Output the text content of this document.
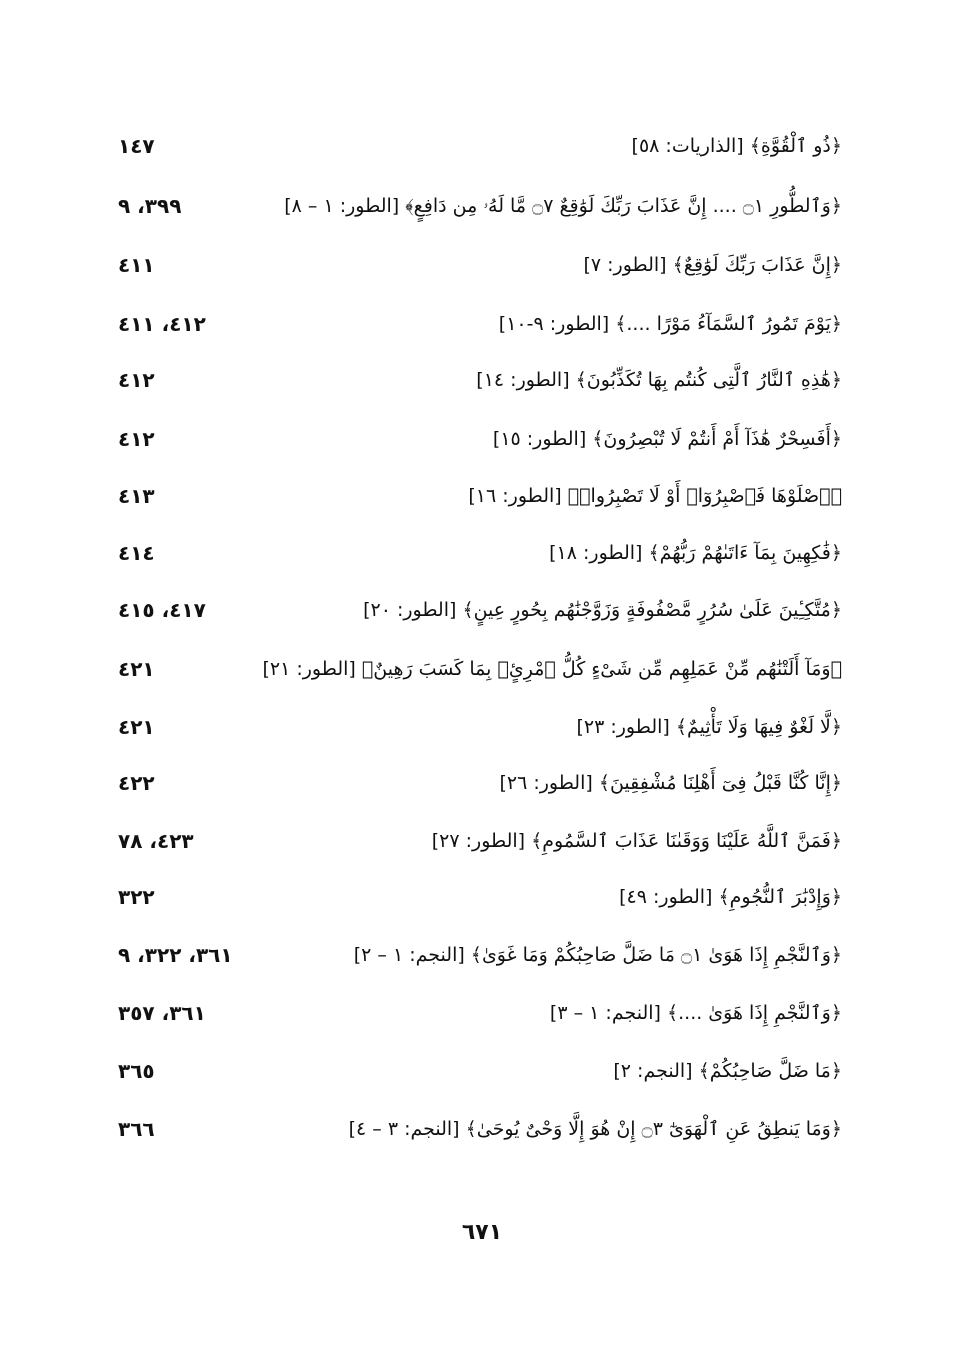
﴿ذُو ٱلْقُوَّةِ﴾ [الذاريات: ٥٨]
١٤٧
﴿وَٱلطُّورِ ۝١ .... إِنَّ عَذَابَ رَبِّكَ لَوَٰقِعٌ ۝٧ مَّا لَهُۥ مِن دَافِعٍ﴾ [الطور: ١ – ٨]
٣٩٩، ٩
﴿إِنَّ عَذَابَ رَبِّكَ لَوَٰقِعٌ﴾ [الطور: ٧]
٤١١
﴿يَوْمَ تَمُورُ ٱلسَّمَآءُ مَوْرًا ....﴾ [الطور: ٩-١٠]
٤١٢، ٤١١
﴿هَٰذِهِ ٱلنَّارُ ٱلَّتِى كُنتُم بِهَا تُكَذِّبُونَ﴾ [الطور: ١٤]
٤١٢
﴿أَفَسِحْرٌ هَٰذَآ أَمْ أَنتُمْ لَا تُبْصِرُونَ﴾ [الطور: ١٥]
٤١٢
﴿ٱصْلَوْهَا فَٱصْبِرُوٓا۟ أَوْ لَا تَصْبِرُوا۟﴾ [الطور: ١٦]
٤١٣
﴿فَٰكِهِينَ بِمَآ ءَاتَىٰهُمْ رَبُّهُمْ﴾ [الطور: ١٨]
٤١٤
﴿مُتَّكِـِٔينَ عَلَىٰ سُرُرٍ مَّصْفُوفَةٍ وَزَوَّجْنَٰهُم بِحُورٍ عِينٍ﴾ [الطور: ٢٠]
٤١٧، ٤١٥
﴿وَمَآ أَلَتْنَٰهُم مِّنْ عَمَلِهِم مِّن شَىْءٍ كُلُّ ٱمْرِئٍۭ بِمَا كَسَبَ رَهِينٌ﴾ [الطور: ٢١]
٤٢١
﴿لَّا لَغْوٌ فِيهَا وَلَا تَأْثِيمٌ﴾ [الطور: ٢٣]
٤٢١
﴿إِنَّا كُنَّا قَبْلُ فِىٓ أَهْلِنَا مُشْفِقِينَ﴾ [الطور: ٢٦]
٤٢٢
﴿فَمَنَّ ٱللَّهُ عَلَيْنَا وَوَقَىٰنَا عَذَابَ ٱلسَّمُومِ﴾ [الطور: ٢٧]
٤٢٣، ٧٨
﴿وَإِدْبَٰرَ ٱلنُّجُومِ﴾ [الطور: ٤٩]
٣٢٢
﴿وَٱلنَّجْمِ إِذَا هَوَىٰ ۝١ مَا ضَلَّ صَاحِبُكُمْ وَمَا غَوَىٰ﴾ [النجم: ١ – ٢]
٣٦١، ٣٢٢، ٩
﴿وَٱلنَّجْمِ إِذَا هَوَىٰ ....﴾ [النجم: ١ – ٣]
٣٦١، ٣٥٧
﴿مَا ضَلَّ صَاحِبُكُمْ﴾ [النجم: ٢]
٣٦٥
﴿وَمَا يَنطِقُ عَنِ ٱلْهَوَىٰٓ ۝٣ إِنْ هُوَ إِلَّا وَحْىٌ يُوحَىٰ﴾ [النجم: ٣ – ٤]
٣٦٦
٦٧١
